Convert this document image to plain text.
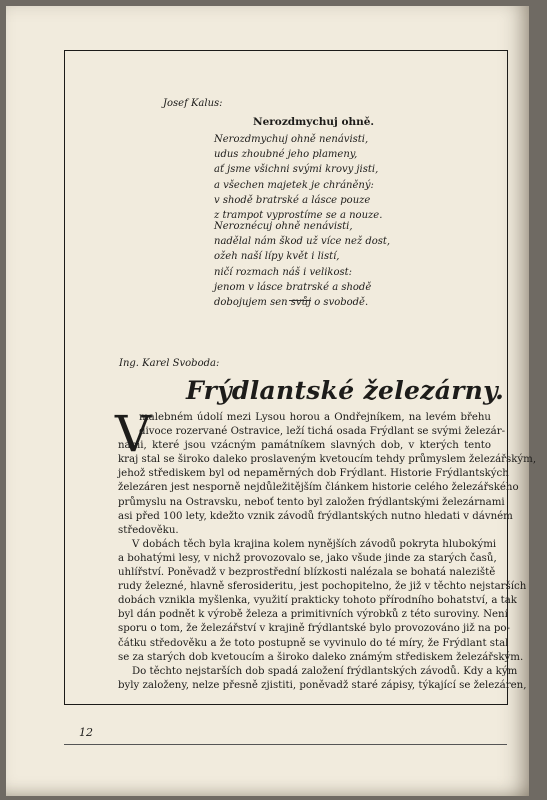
Josef Kalus:
Nerozdmychuj ohně.
Nerozdmychuj ohně nenávisti,
udus zhoubné jeho plameny,
ať jsme všichni svými krovy jisti,
a všechen majetek je chráněný:
v shodě bratrské a lásce pouze
z trampot vyprostíme se a nouze.
Neroznécuj ohně nenávisti,
nadělal nám škod už více než dost,
ožeh naší lípy květ i listí,
ničí rozmach náš i velikost:
jenom v lásce bratrské a shodě
dobojujem sen svůj o svobodě.
Ing. Karel Svoboda:
Frýdlantské železárny.
V
malebném údolí mezi Lysou horou a Ondřejníkem, na levém břehu
divoce rozervané Ostravice, leží tichá osada Frýdlant se svými železár-
nami, které jsou vzácným památníkem slavných dob, v kterých tento
kraj stal se široko daleko proslaveným kvetoucím tehdy průmyslem železářským,
jehož střediskem byl od nepaměrných dob Frýdlant. Historie Frýdlantských
železáren jest nesporně nejdůležitějším článkem historie celého železářského
průmyslu na Ostravsku, neboť tento byl založen frýdlantskými železárnami
asi před 100 lety, kdežto vznik závodů frýdlantských nutno hledati v dávném
středověku.
V dobách těch byla krajina kolem nynějších závodů pokryta hlubokými
a bohatými lesy, v nichž provozovalo se, jako všude jinde za starých časů,
uhlířství. Poněvadž v bezprostřední blízkosti nalézala se bohatá naleziště
rudy železné, hlavně sferosideritu, jest pochopitelno, že již v těchto nejstarších
dobách vznikla myšlenka, využití prakticky tohoto přírodního bohatství, a tak
byl dán podnět k výrobě železa a primitivních výrobků z této suroviny. Není
sporu o tom, že železářství v krajině frýdlantské bylo provozováno již na po-
čátku středověku a že toto postupně se vyvinulo do té míry, že Frýdlant stal
se za starých dob kvetoucím a široko daleko známým střediskem železářským.
Do těchto nejstarších dob spadá založení frýdlantských závodů. Kdy a kým
byly založeny, nelze přesně zjistiti, poněvadž staré zápisy, týkající se železáren,
12
